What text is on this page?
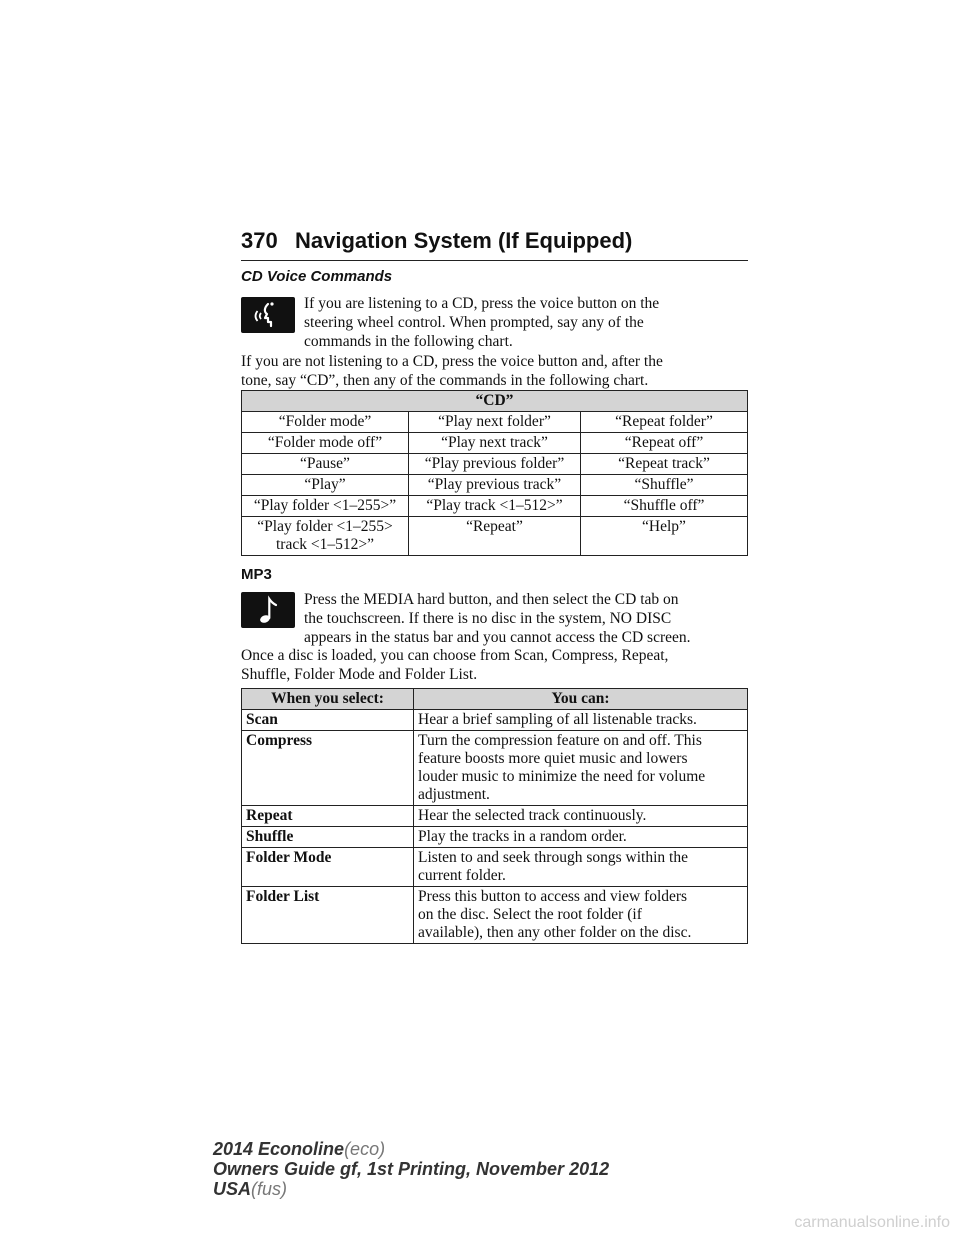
370 Navigation System (If Equipped)
CD Voice Commands
If you are listening to a CD, press the voice button on the
steering wheel control. When prompted, say any of the
commands in the following chart.
If you are not listening to a CD, press the voice button and, after the
tone, say “CD”, then any of the commands in the following chart.
“CD”		
“Folder mode”	“Play next folder”	“Repeat folder”
“Folder mode off”	“Play next track”	“Repeat off”
“Pause”	“Play previous folder”	“Repeat track”
“Play”	“Play previous track”	“Shuffle”
“Play folder <1–255>”	“Play track <1–512>”	“Shuffle off”
“Play folder <1–255>
track <1–512>”	“Repeat”	“Help”
MP3
Press the MEDIA hard button, and then select the CD tab on
the touchscreen. If there is no disc in the system, NO DISC
appears in the status bar and you cannot access the CD screen.
Once a disc is loaded, you can choose from Scan, Compress, Repeat,
Shuffle, Folder Mode and Folder List.
When you select:	You can:
Scan	Hear a brief sampling of all listenable tracks.
Compress	Turn the compression feature on and off. This
feature boosts more quiet music and lowers
louder music to minimize the need for volume
adjustment.
Repeat	Hear the selected track continuously.
Shuffle	Play the tracks in a random order.
Folder Mode	Listen to and seek through songs within the
current folder.
Folder List	Press this button to access and view folders
on the disc. Select the root folder (if
available), then any other folder on the disc.
2014 Econoline(eco)
Owners Guide gf, 1st Printing, November 2012
USA(fus)
carmanualsonline.info
